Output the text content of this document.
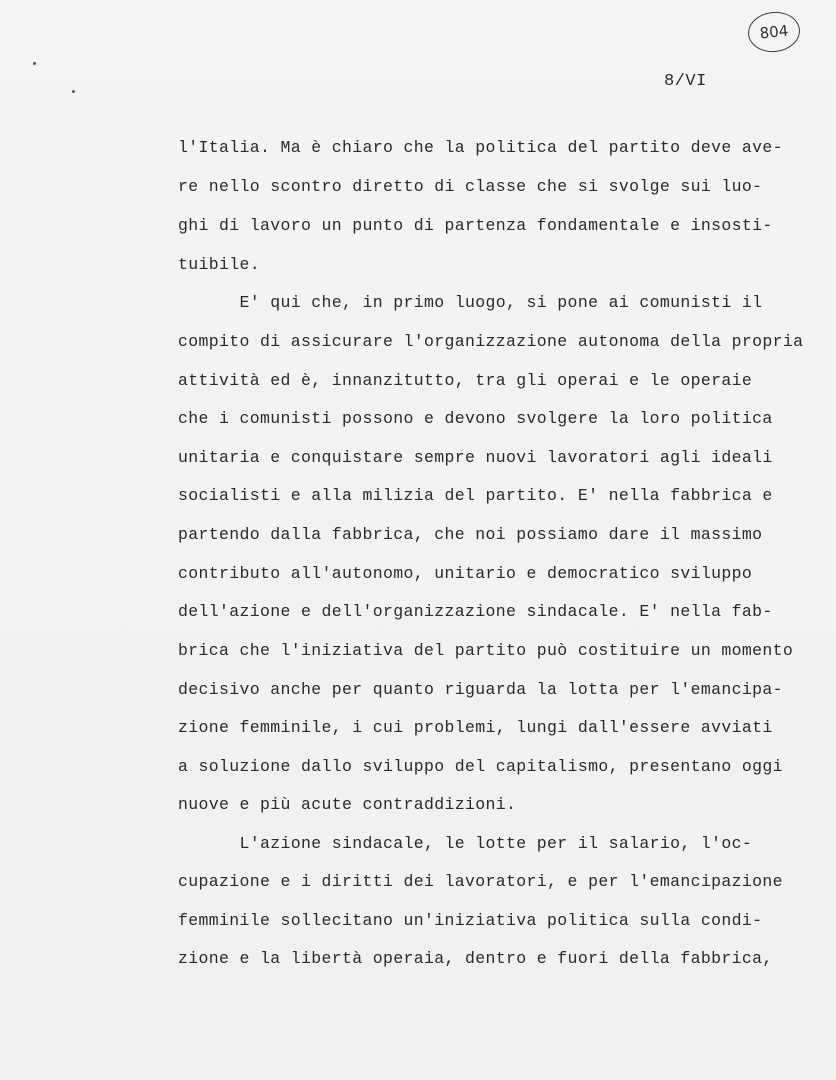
804
8/VI
l'Italia. Ma è chiaro che la politica del partito deve ave-
re nello scontro diretto di classe che si svolge sui luo-
ghi di lavoro un punto di partenza fondamentale e insosti-
tuibile.
E' qui che, in primo luogo, si pone ai comunisti il
compito di assicurare l'organizzazione autonoma della propria
attività ed è, innanzitutto, tra gli operai e le operaie
che i comunisti possono e devono svolgere la loro politica
unitaria e conquistare sempre nuovi lavoratori agli ideali
socialisti e alla milizia del partito. E' nella fabbrica e
partendo dalla fabbrica, che noi possiamo dare il massimo
contributo all'autonomo, unitario e democratico sviluppo
dell'azione e dell'organizzazione sindacale. E' nella fab-
brica che l'iniziativa del partito può costituire un momento
decisivo anche per quanto riguarda la lotta per l'emancipa-
zione femminile, i cui problemi, lungi dall'essere avviati
a soluzione dallo sviluppo del capitalismo, presentano oggi
nuove e più acute contraddizioni.
L'azione sindacale, le lotte per il salario, l'oc-
cupazione e i diritti dei lavoratori, e per l'emancipazione
femminile sollecitano un'iniziativa politica sulla condi-
zione e la libertà operaia, dentro e fuori della fabbrica,
